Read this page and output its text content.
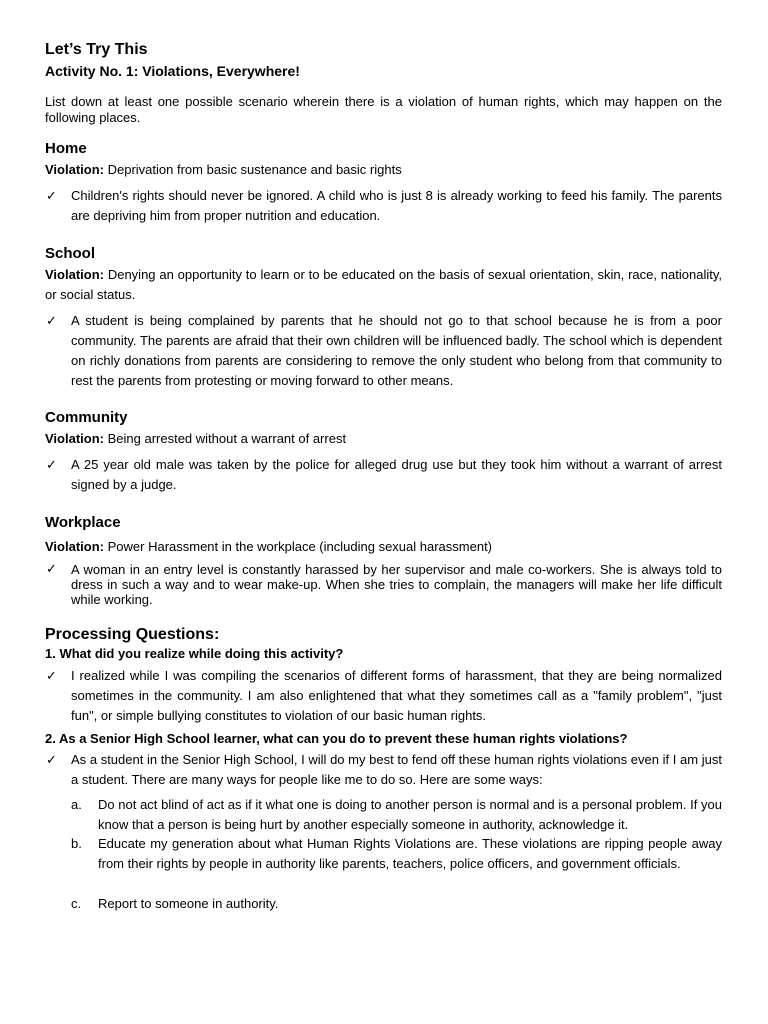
Let’s Try This
Activity No. 1: Violations, Everywhere!

List down at least one possible scenario wherein there is a violation of human rights, which may happen on the following places.

Home

Violation: Deprivation from basic sustenance and basic rights

✓ Children's rights should never be ignored. A child who is just 8 is already working to feed his family. The parents are depriving him from proper nutrition and education.

School

Violation: Denying an opportunity to learn or to be educated on the basis of sexual orientation, skin, race, nationality, or social status.

✓ A student is being complained by parents that he should not go to that school because he is from a poor community. The parents are afraid that their own children will be influenced badly. The school which is dependent on richly donations from parents are considering to remove the only student who belong from that community to rest the parents from protesting or moving forward to other means.

Community

Violation: Being arrested without a warrant of arrest

✓ A 25 year old male was taken by the police for alleged drug use but they took him without a warrant of arrest signed by a judge.

Workplace

Violation: Power Harassment in the workplace (including sexual harassment)

✓ A woman in an entry level is constantly harassed by her supervisor and male co-workers. She is always told to dress in such a way and to wear make-up. When she tries to complain, the managers will make her life difficult while working.

Processing Questions:
1. What did you realize while doing this activity?
✓ I realized while I was compiling the scenarios of different forms of harassment, that they are being normalized sometimes in the community. I am also enlightened that what they sometimes call as a "family problem", "just fun", or simple bullying constitutes to violation of our basic human rights.

2. As a Senior High School learner, what can you do to prevent these human rights violations?
✓ As a student in the Senior High School, I will do my best to fend off these human rights violations even if I am just a student. There are many ways for people like me to do so. Here are some ways:

a. Do not act blind of act as if it what one is doing to another person is normal and is a personal problem. If you know that a person is being hurt by another especially someone in authority, acknowledge it.

b. Educate my generation about what Human Rights Violations are. These violations are ripping people away from their rights by people in authority like parents, teachers, police officers, and government officials.

c. Report to someone in authority.
